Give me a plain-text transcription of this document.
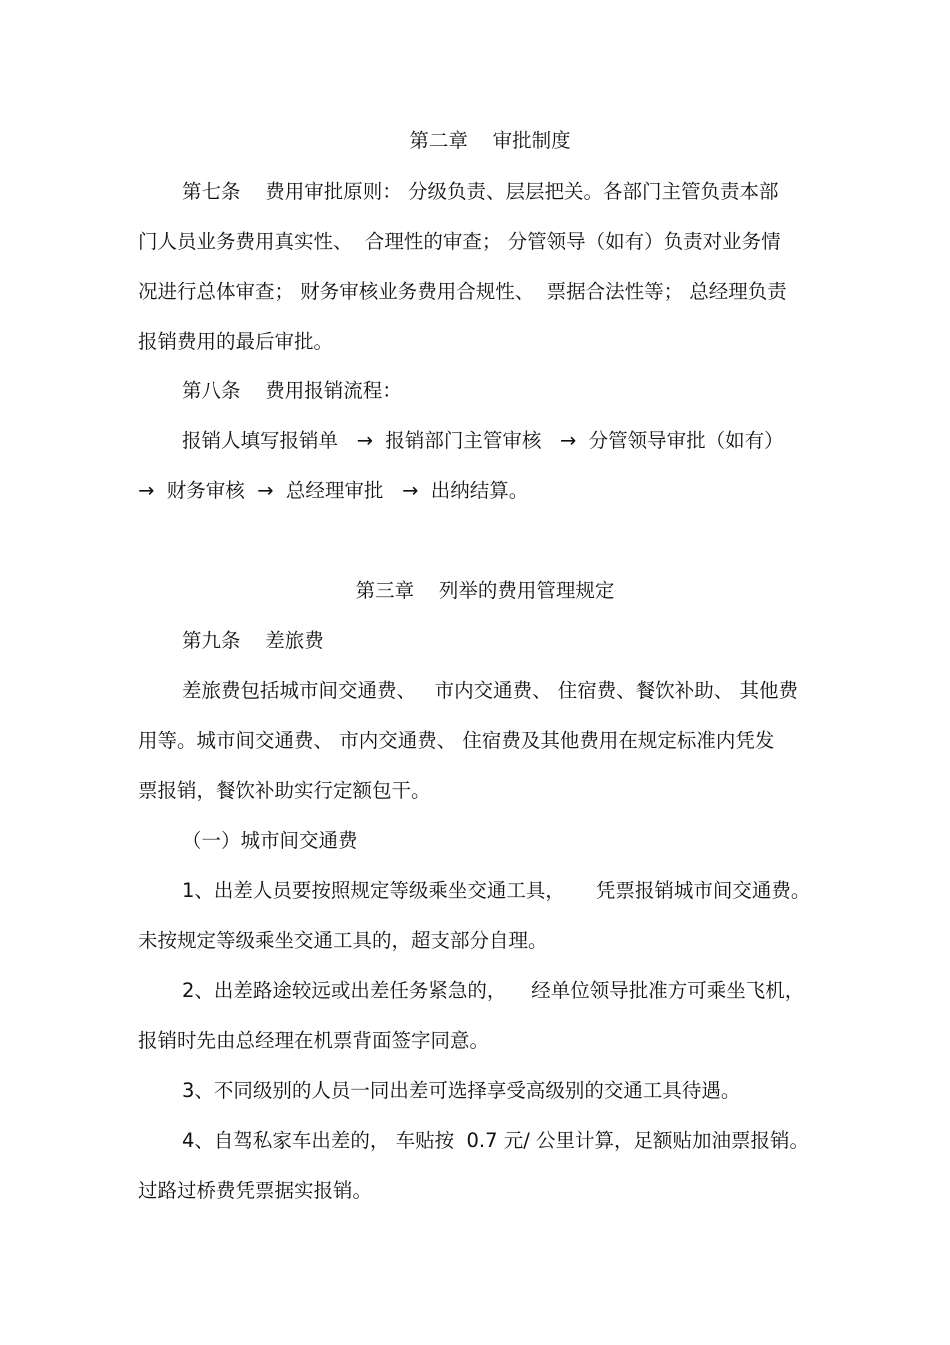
第二章    审批制度
第七条    费用审批原则： 分级负责、层层把关。各部门主管负责本部
门人员业务费用真实性、  合理性的审查； 分管领导（如有）负责对业务情
况进行总体审查； 财务审核业务费用合规性、  票据合法性等； 总经理负责
报销费用的最后审批。
第八条    费用报销流程：
报销人填写报销单   →  报销部门主管审核   →  分管领导审批（如有）
→  财务审核  →  总经理审批   →  出纳结算。
第三章    列举的费用管理规定
第九条    差旅费
差旅费包括城市间交通费、   市内交通费、 住宿费、餐饮补助、 其他费
用等。城市间交通费、 市内交通费、 住宿费及其他费用在规定标准内凭发
票报销，餐饮补助实行定额包干。
（一）城市间交通费
1、出差人员要按照规定等级乘坐交通工具，     凭票报销城市间交通费。
未按规定等级乘坐交通工具的，超支部分自理。
2、出差路途较远或出差任务紧急的，    经单位领导批准方可乘坐飞机，
报销时先由总经理在机票背面签字同意。
3、不同级别的人员一同出差可选择享受高级别的交通工具待遇。
4、自驾私家车出差的， 车贴按  0.7 元/ 公里计算，足额贴加油票报销。
过路过桥费凭票据实报销。
